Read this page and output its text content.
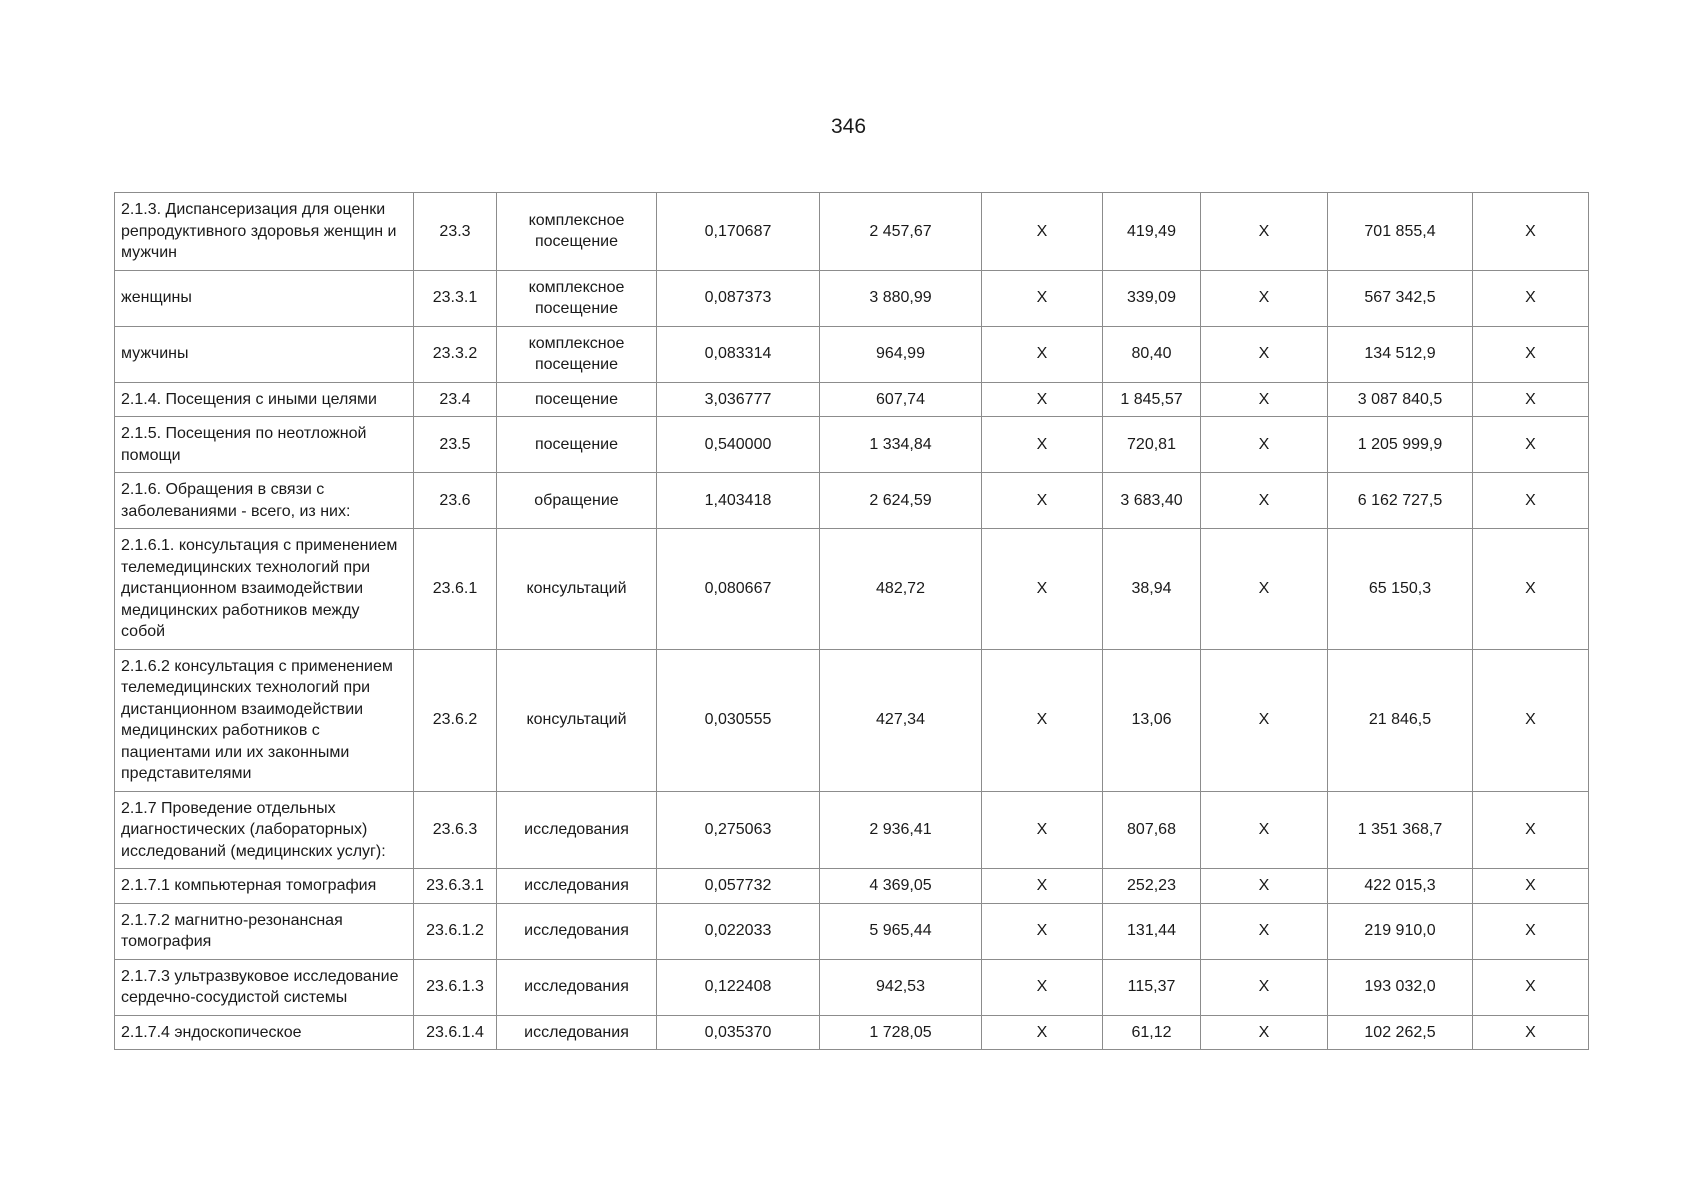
346
2.1.3. Диспансеризация для оценки репродуктивного здоровья женщин и мужчин	23.3	комплексное посещение	0,170687	2 457,67	X	419,49	X	701 855,4	X
женщины	23.3.1	комплексное посещение	0,087373	3 880,99	X	339,09	X	567 342,5	X
мужчины	23.3.2	комплексное посещение	0,083314	964,99	X	80,40	X	134 512,9	X
2.1.4. Посещения с иными целями	23.4	посещение	3,036777	607,74	X	1 845,57	X	3 087 840,5	X
2.1.5. Посещения по неотложной помощи	23.5	посещение	0,540000	1 334,84	X	720,81	X	1 205 999,9	X
2.1.6. Обращения в связи с заболеваниями - всего, из них:	23.6	обращение	1,403418	2 624,59	X	3 683,40	X	6 162 727,5	X
2.1.6.1. консультация с применением телемедицинских технологий при дистанционном взаимодействии медицинских работников между собой	23.6.1	консультаций	0,080667	482,72	X	38,94	X	65 150,3	X
2.1.6.2 консультация с применением телемедицинских технологий при дистанционном взаимодействии медицинских работников с пациентами или их законными представителями	23.6.2	консультаций	0,030555	427,34	X	13,06	X	21 846,5	X
2.1.7 Проведение отдельных диагностических (лабораторных) исследований (медицинских услуг):	23.6.3	исследования	0,275063	2 936,41	X	807,68	X	1 351 368,7	X
2.1.7.1 компьютерная томография	23.6.3.1	исследования	0,057732	4 369,05	X	252,23	X	422 015,3	X
2.1.7.2 магнитно-резонансная томография	23.6.1.2	исследования	0,022033	5 965,44	X	131,44	X	219 910,0	X
2.1.7.3 ультразвуковое исследование сердечно-сосудистой системы	23.6.1.3	исследования	0,122408	942,53	X	115,37	X	193 032,0	X
2.1.7.4 эндоскопическое	23.6.1.4	исследования	0,035370	1 728,05	X	61,12	X	102 262,5	X
